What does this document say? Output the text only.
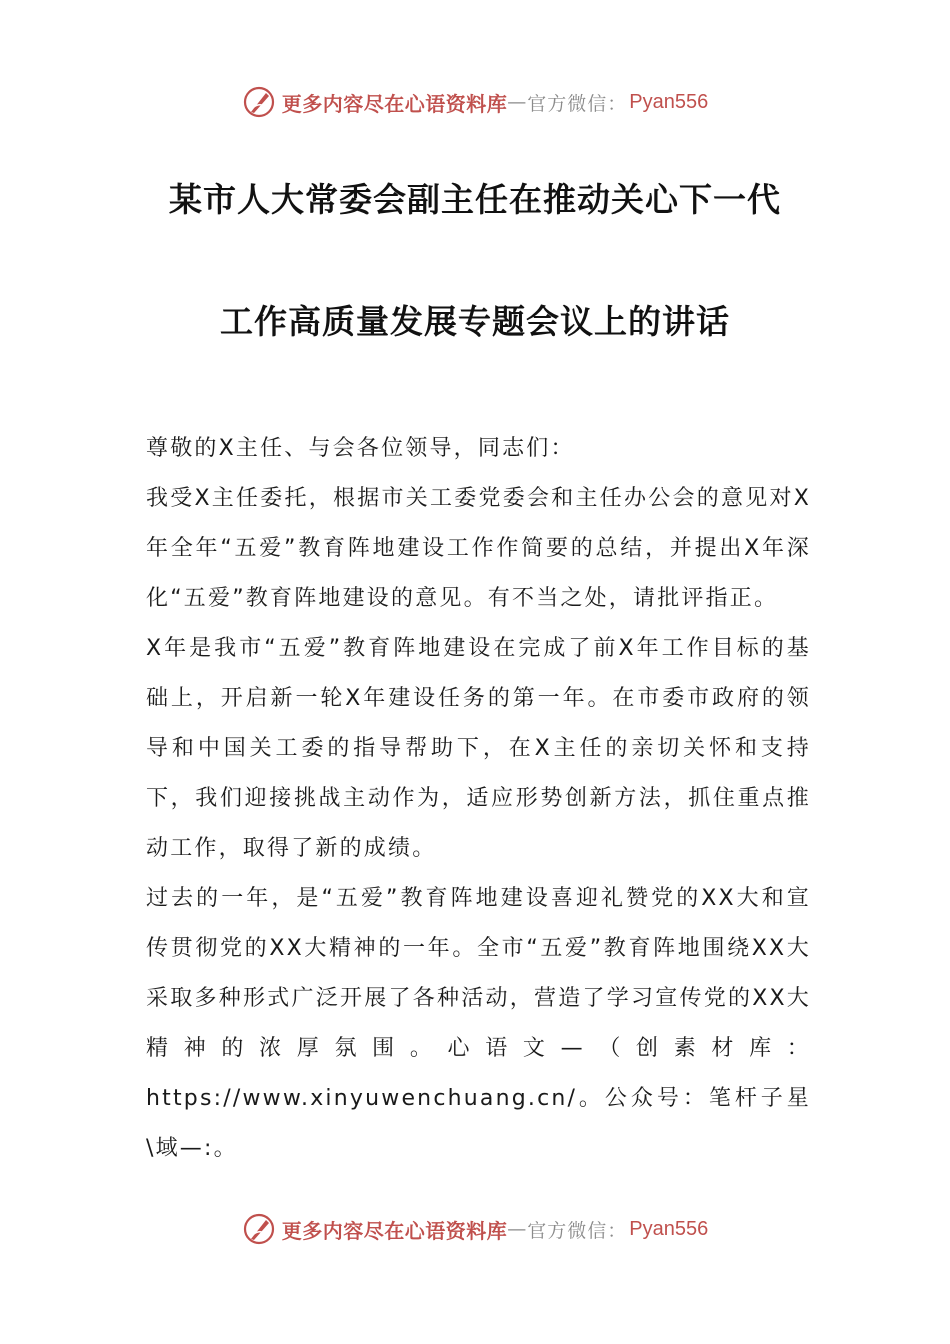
更多内容尽在心语资料库 — 官方微信： Pyan556
某市人大常委会副主任在推动关心下一代
工作高质量发展专题会议上的讲话

尊敬的X主任、与会各位领导，同志们：

我受X主任委托，根据市关工委党委会和主任办公会的意见对X年全年“五爱”教育阵地建设工作作简要的总结，并提出X年深化“五爱”教育阵地建设的意见。有不当之处，请批评指正。

X年是我市“五爱”教育阵地建设在完成了前X年工作目标的基础上，开启新一轮X年建设任务的第一年。在市委市政府的领导和中国关工委的指导帮助下，在X主任的亲切关怀和支持下，我们迎接挑战主动作为，适应形势创新方法，抓住重点推动工作，取得了新的成绩。

过去的一年，是“五爱”教育阵地建设喜迎礼赞党的XX大和宣传贯彻党的XX大精神的一年。全市“五爱”教育阵地围绕XX大采取多种形式广泛开展了各种活动，营造了学习宣传党的XX大精神的浓厚氛围。心语文—（创素材库：https://www.xinyuwenchuang.cn/。公众号：笔杆子星\域—:。

更多内容尽在心语资料库 — 官方微信： Pyan556
